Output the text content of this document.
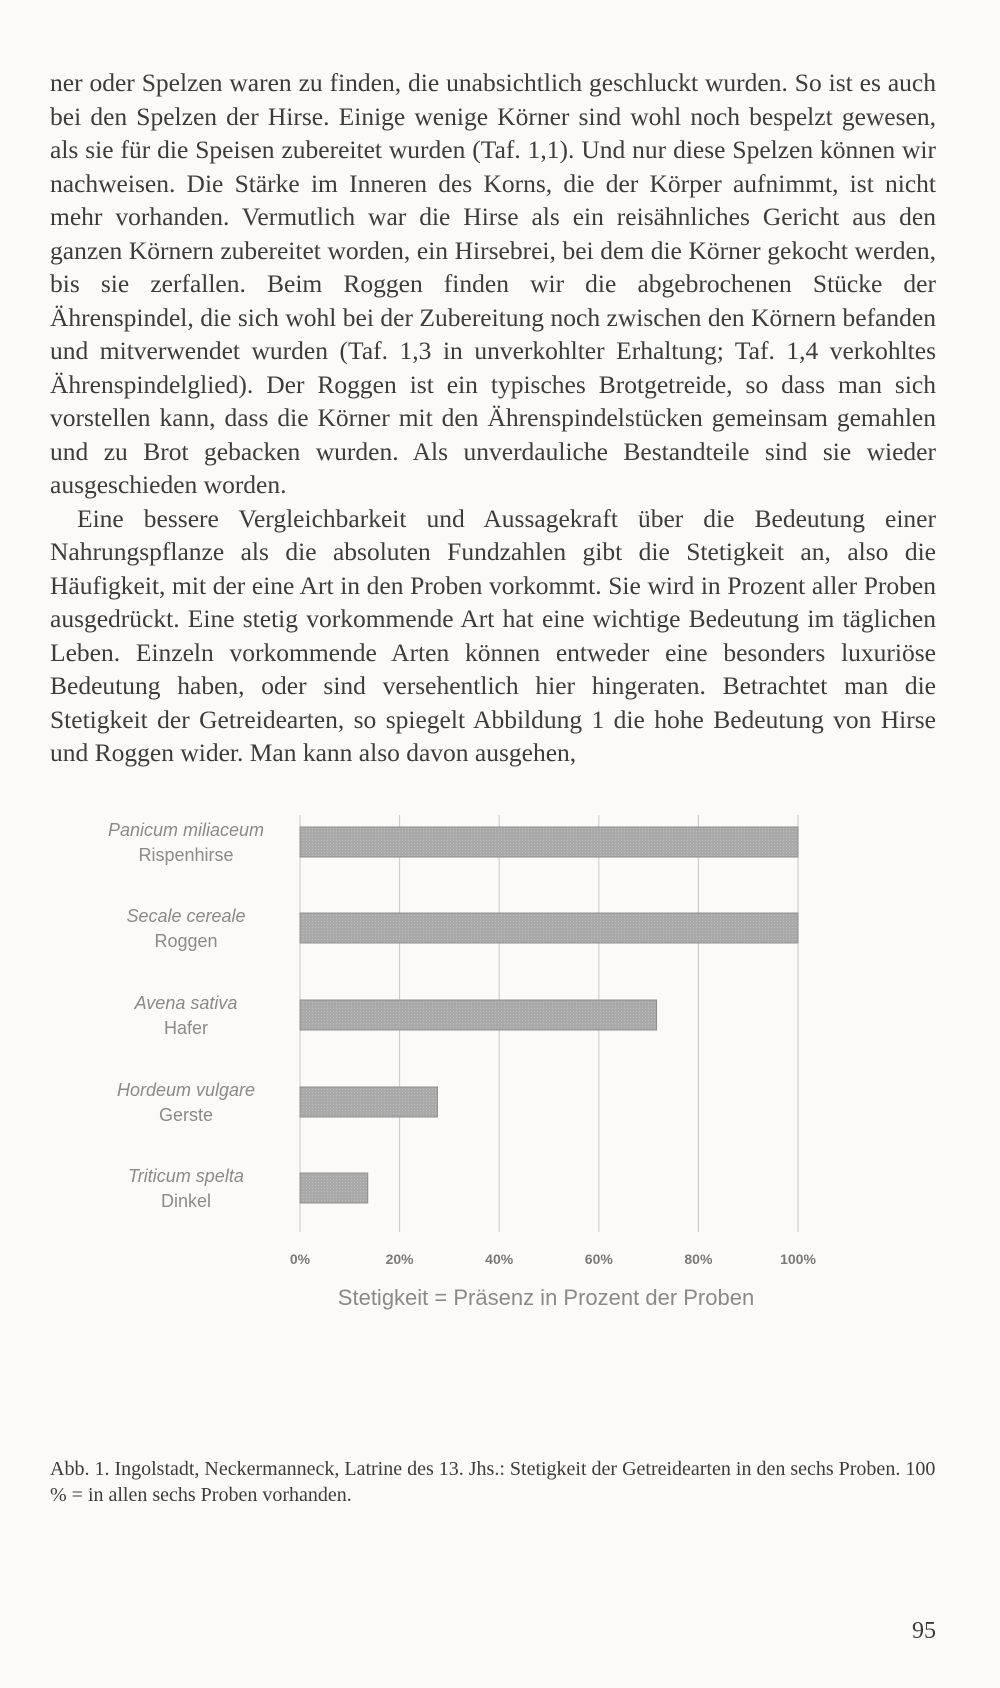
ner oder Spelzen waren zu finden, die unabsichtlich geschluckt wurden. So ist es auch bei den Spelzen der Hirse. Einige wenige Körner sind wohl noch bespelzt gewesen, als sie für die Speisen zubereitet wurden (Taf. 1,1). Und nur diese Spelzen können wir nachweisen. Die Stärke im Inneren des Korns, die der Körper aufnimmt, ist nicht mehr vorhanden. Vermutlich war die Hirse als ein reisähnliches Gericht aus den ganzen Körnern zubereitet worden, ein Hirsebrei, bei dem die Körner gekocht werden, bis sie zerfallen. Beim Roggen finden wir die abgebrochenen Stücke der Ährenspindel, die sich wohl bei der Zubereitung noch zwischen den Körnern befanden und mitverwendet wurden (Taf. 1,3 in unverkohlter Erhaltung; Taf. 1,4 verkohltes Ährenspindelglied). Der Roggen ist ein typisches Brotgetreide, so dass man sich vorstellen kann, dass die Körner mit den Ährenspindelstücken gemeinsam gemahlen und zu Brot gebacken wurden. Als unverdauliche Bestandteile sind sie wieder ausgeschieden worden.

Eine bessere Vergleichbarkeit und Aussagekraft über die Bedeutung einer Nahrungspflanze als die absoluten Fundzahlen gibt die Stetigkeit an, also die Häufigkeit, mit der eine Art in den Proben vorkommt. Sie wird in Prozent aller Proben ausgedrückt. Eine stetig vorkommende Art hat eine wichtige Bedeutung im täglichen Leben. Einzeln vorkommende Arten können entweder eine besonders luxuriöse Bedeutung haben, oder sind versehentlich hier hingeraten. Betrachtet man die Stetigkeit der Getreidearten, so spiegelt Abbildung 1 die hohe Bedeutung von Hirse und Roggen wider. Man kann also davon ausgehen,

Panicum miliaceum
Rispenhirse
Secale cereale
Roggen
Avena sativa
Hafer
Hordeum vulgare
Gerste
Triticum spelta
Dinkel
0%	20%	40%	60%	80%	100%
Stetigkeit = Präsenz in Prozent der Proben

Abb. 1. Ingolstadt, Neckermanneck, Latrine des 13. Jhs.: Stetigkeit der Getreidearten in den sechs Proben. 100 % = in allen sechs Proben vorhanden.

95
